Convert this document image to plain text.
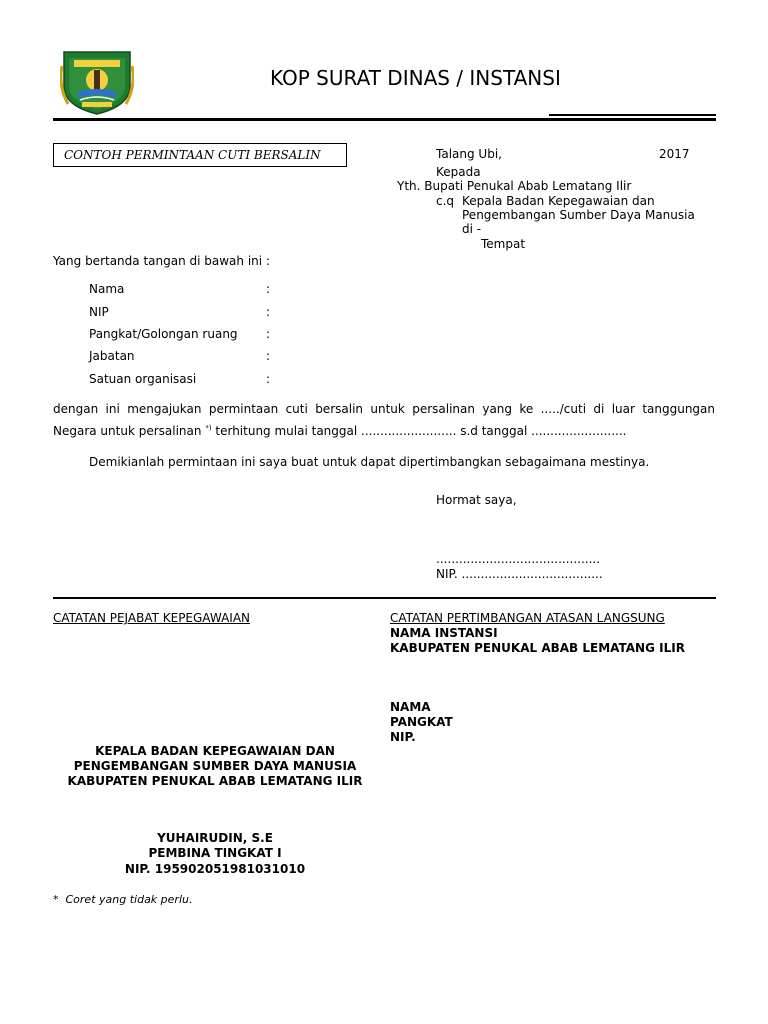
KOP SURAT DINAS / INSTANSI
CONTOH PERMINTAAN CUTI BERSALIN	Talang Ubi,	2017
Kepada
Yth. Bupati Penukal Abab Lematang Ilir
c.q Kepala Badan Kepegawaian dan
Pengembangan Sumber Daya Manusia
di -
Tempat
Yang bertanda tangan di bawah ini :
Nama	:
NIP	:
Pangkat/Golongan ruang :
Jabatan	:
Satuan organisasi	:
dengan ini mengajukan permintaan cuti bersalin untuk persalinan yang ke ...../cuti di luar tanggungan
Negara untuk persalinan *) terhitung mulai tanggal ......................... s.d tanggal .........................
Demikianlah permintaan ini saya buat untuk dapat dipertimbangkan sebagaimana mestinya.
Hormat saya,
...........................................
NIP. .....................................
CATATAN PEJABAT KEPEGAWAIAN
KEPALA BADAN KEPEGAWAIAN DAN
PENGEMBANGAN SUMBER DAYA MANUSIA
KABUPATEN PENUKAL ABAB LEMATANG ILIR
YUHAIRUDIN, S.E
PEMBINA TINGKAT I
NIP. 195902051981031010
CATATAN PERTIMBANGAN ATASAN LANGSUNG
NAMA INSTANSI
KABUPATEN PENUKAL ABAB LEMATANG ILIR
NAMA
PANGKAT
NIP.
* Coret yang tidak perlu.
